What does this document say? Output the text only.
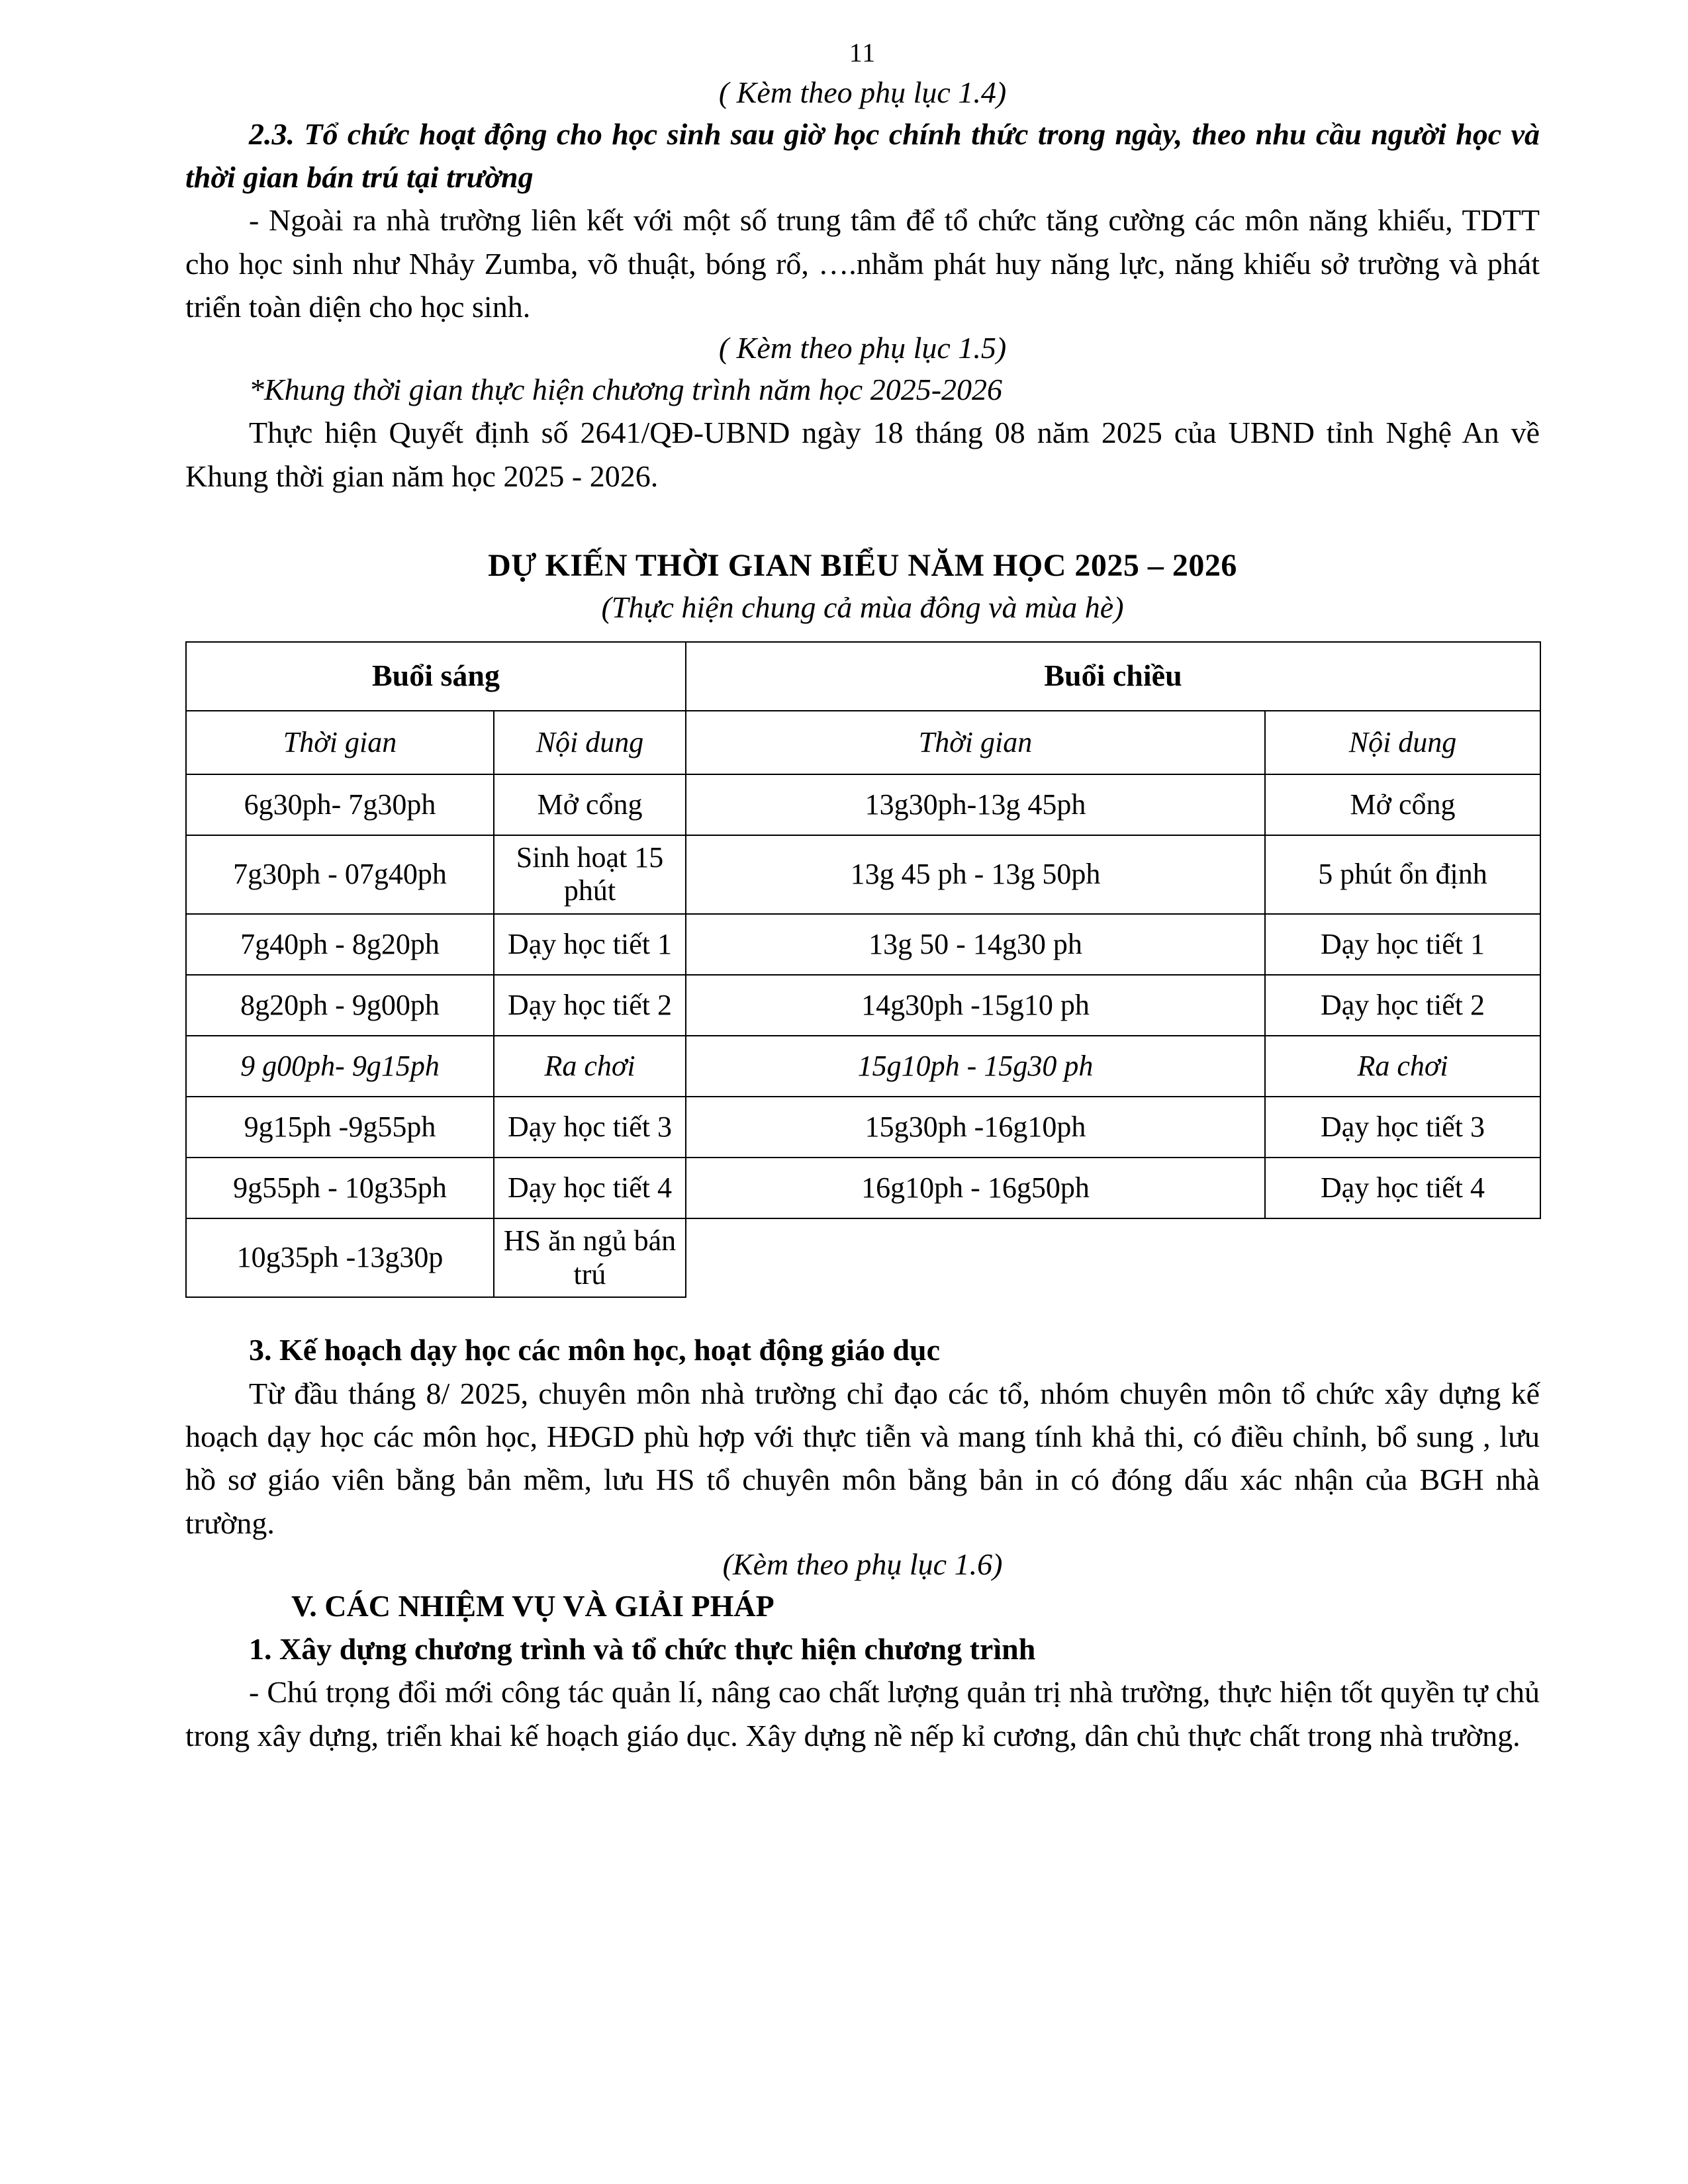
11

( Kèm theo phụ lục 1.4)

2.3. Tổ chức hoạt động cho học sinh sau giờ học chính thức trong ngày, theo nhu cầu người học và thời gian bán trú tại trường

- Ngoài ra nhà trường liên kết với một số trung tâm để tổ chức tăng cường các môn năng khiếu, TDTT cho học sinh như Nhảy Zumba, võ thuật, bóng rổ, ….nhằm phát huy năng lực, năng khiếu sở trường và phát triển toàn diện cho học sinh.

( Kèm theo phụ lục 1.5)

*Khung thời gian thực hiện chương trình năm học 2025-2026

Thực hiện Quyết định số 2641/QĐ-UBND ngày 18 tháng 08 năm 2025 của UBND tỉnh Nghệ An về Khung thời gian năm học 2025 - 2026.

DỰ KIẾN THỜI GIAN BIỂU NĂM HỌC 2025 – 2026

(Thực hiện chung cả mùa đông và mùa hè)

Buổi sáng		Buổi chiều	
Thời gian	Nội dung	Thời gian	Nội dung
6g30ph- 7g30ph	Mở cổng	13g30ph-13g 45ph	Mở cổng
7g30ph - 07g40ph	Sinh hoạt 15 phút	13g 45 ph - 13g 50ph	5 phút ổn định
7g40ph - 8g20ph	Dạy học tiết 1	13g 50 - 14g30 ph	Dạy học tiết 1
8g20ph - 9g00ph	Dạy học tiết 2	14g30ph -15g10 ph	Dạy học tiết 2
9 g00ph- 9g15ph	Ra chơi	15g10ph - 15g30 ph	Ra chơi
9g15ph -9g55ph	Dạy học tiết 3	15g30ph -16g10ph	Dạy học tiết 3
9g55ph - 10g35ph	Dạy học tiết 4	16g10ph - 16g50ph	Dạy học tiết 4
10g35ph -13g30p	HS ăn ngủ bán trú		

3. Kế hoạch dạy học các môn học, hoạt động giáo dục

Từ đầu tháng 8/ 2025, chuyên môn nhà trường chỉ đạo các tổ, nhóm chuyên môn tổ chức xây dựng kế hoạch dạy học các môn học, HĐGD phù hợp với thực tiễn và mang tính khả thi, có điều chỉnh, bổ sung , lưu hồ sơ giáo viên bằng bản mềm, lưu HS tổ chuyên môn bằng bản in có đóng dấu xác nhận của BGH nhà trường.

(Kèm theo phụ lục 1.6)

V. CÁC NHIỆM VỤ VÀ GIẢI PHÁP

1. Xây dựng chương trình và tổ chức thực hiện chương trình

- Chú trọng đổi mới công tác quản lí, nâng cao chất lượng quản trị nhà trường, thực hiện tốt quyền tự chủ trong xây dựng, triển khai kế hoạch giáo dục. Xây dựng nề nếp kỉ cương, dân chủ thực chất trong nhà trường.
